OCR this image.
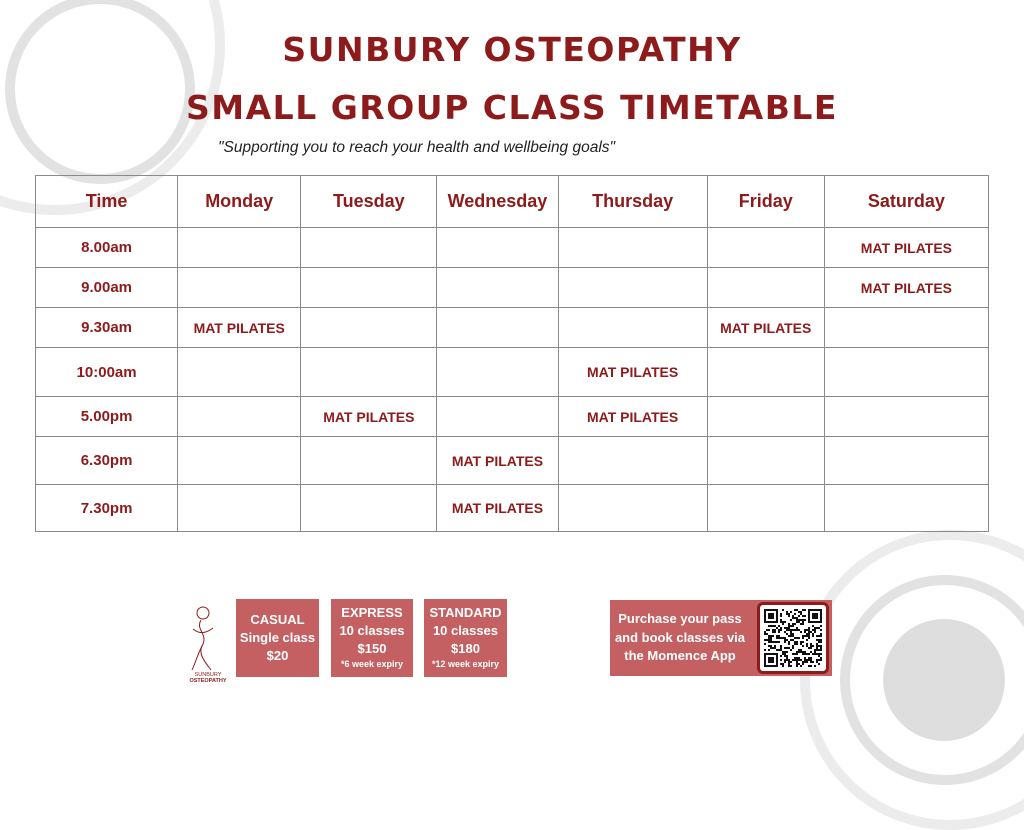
SUNBURY OSTEOPATHY
SMALL GROUP CLASS TIMETABLE

"Supporting you to reach your health and wellbeing goals"

Time	Monday	Tuesday	Wednesday	Thursday	Friday	Saturday
8.00am						MAT PILATES
9.00am						MAT PILATES
9.30am	MAT PILATES				MAT PILATES	
10:00am				MAT PILATES		
5.00pm		MAT PILATES		MAT PILATES		
6.30pm			MAT PILATES			
7.30pm			MAT PILATES			
SUNBURY
OSTEOPATHY
CASUAL
Single class
$20
EXPRESS
10 classes
$150
*6 week expiry
STANDARD
10 classes
$180
*12 week expiry
Purchase your pass
and book classes via
the Momence App
